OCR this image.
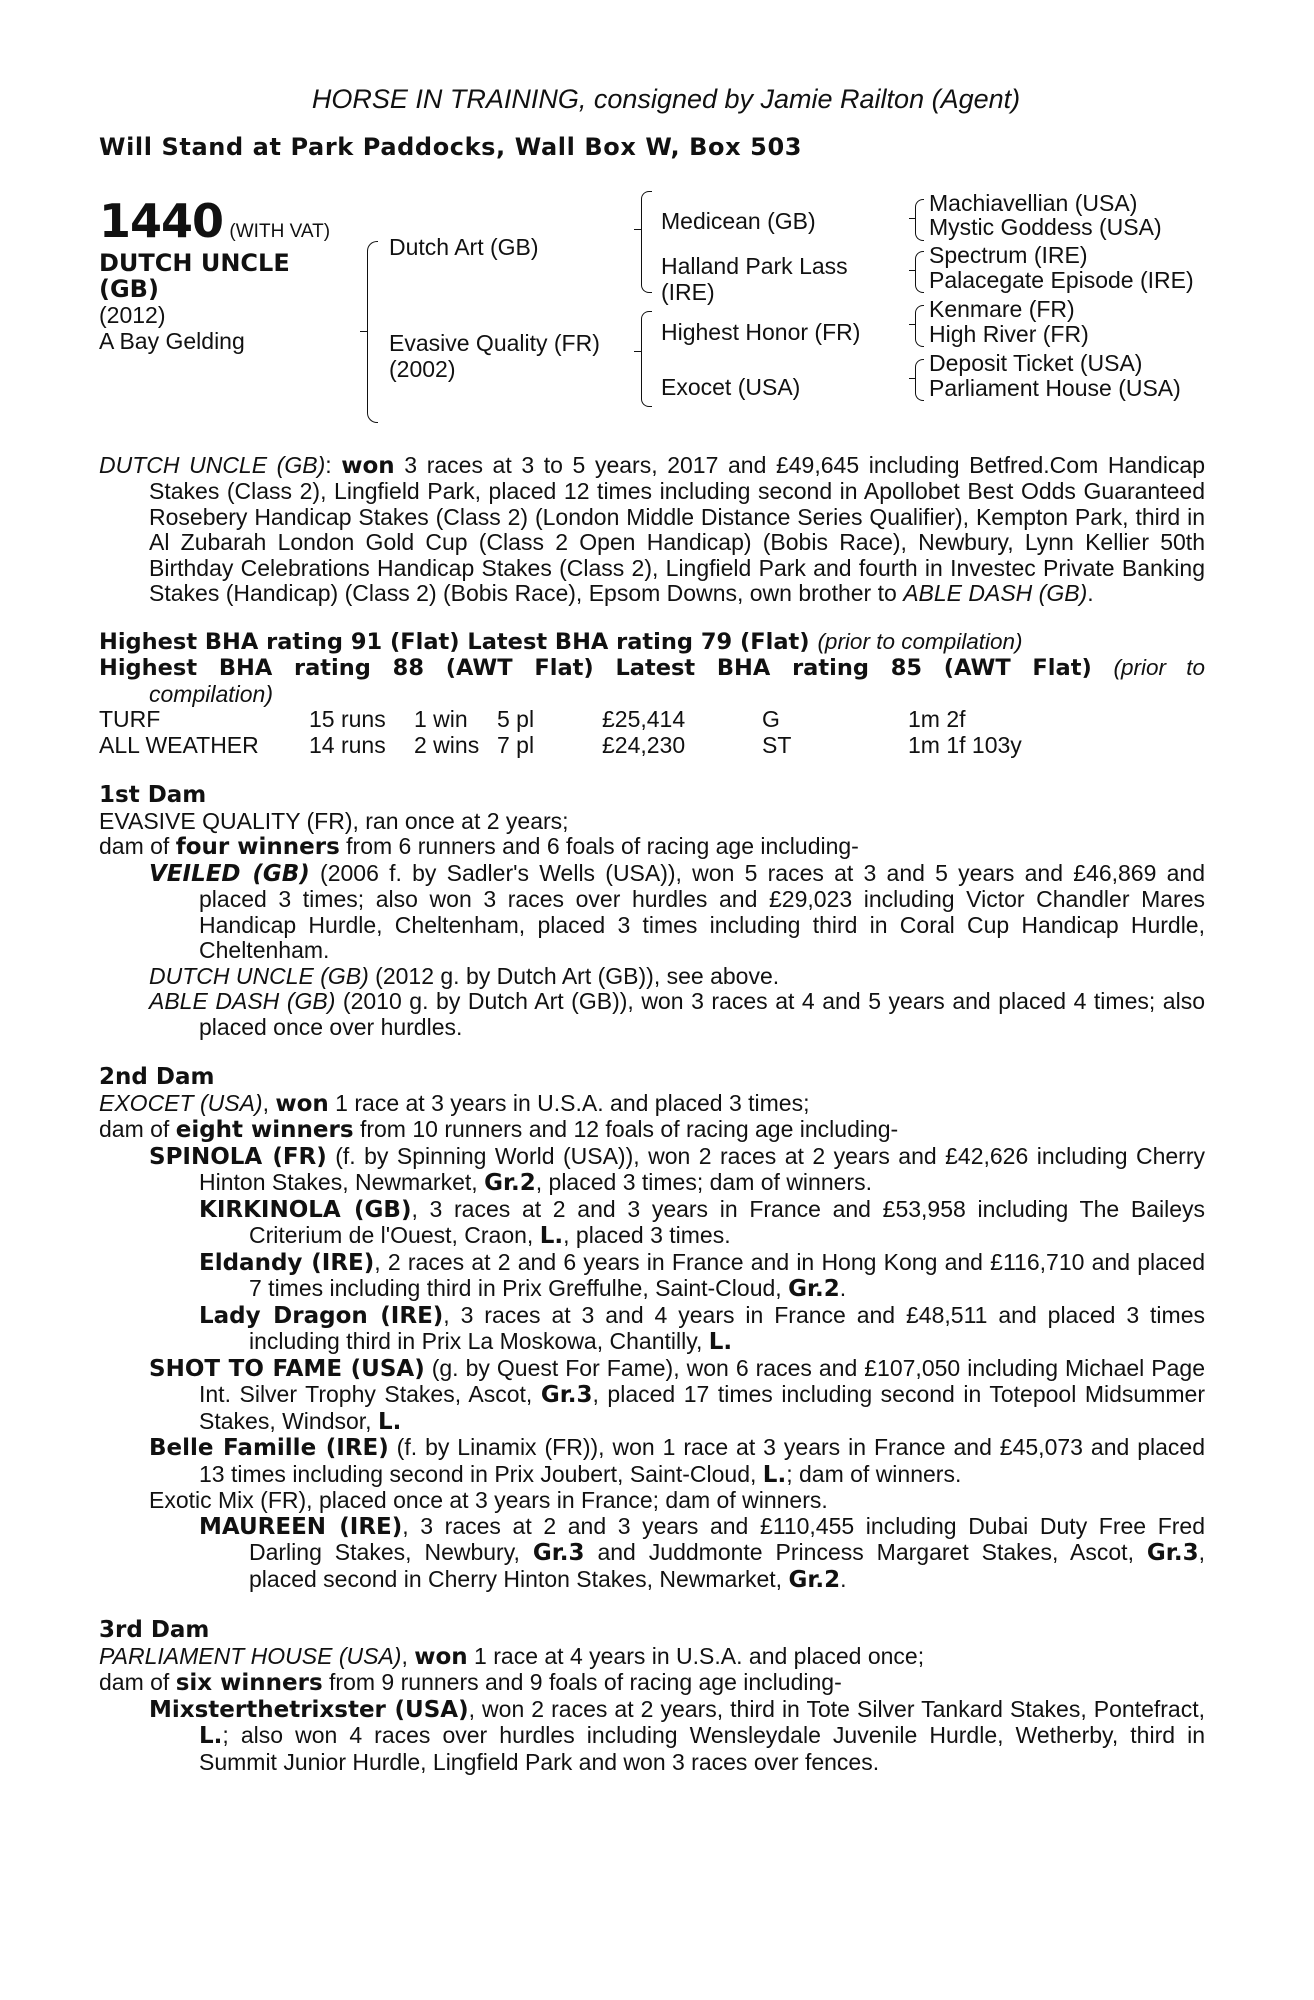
HORSE IN TRAINING, consigned by Jamie Railton (Agent)
Will Stand at Park Paddocks, Wall Box W, Box 503
1440 (WITH VAT)
DUTCH UNCLE
(GB)
(2012)
A Bay Gelding
Dutch Art (GB)
Evasive Quality (FR)
(2002)
Medicean (GB)
Halland Park Lass
(IRE)
Highest Honor (FR)
Exocet (USA)
Machiavellian (USA)
Mystic Goddess (USA)
Spectrum (IRE)
Palacegate Episode (IRE)
Kenmare (FR)
High River (FR)
Deposit Ticket (USA)
Parliament House (USA)
DUTCH UNCLE (GB): won 3 races at 3 to 5 years, 2017 and £49,645 including Betfred.Com Handicap Stakes (Class 2), Lingfield Park, placed 12 times including second in Apollobet Best Odds Guaranteed Rosebery Handicap Stakes (Class 2) (London Middle Distance Series Qualifier), Kempton Park, third in Al Zubarah London Gold Cup (Class 2 Open Handicap) (Bobis Race), Newbury, Lynn Kellier 50th Birthday Celebrations Handicap Stakes (Class 2), Lingfield Park and fourth in Investec Private Banking Stakes (Handicap) (Class 2) (Bobis Race), Epsom Downs, own brother to ABLE DASH (GB).
Highest BHA rating 91 (Flat) Latest BHA rating 79 (Flat) (prior to compilation)
Highest BHA rating 88 (AWT Flat) Latest BHA rating 85 (AWT Flat) (prior to
compilation)
TURF	15 runs	1 win	5 pl	£25,414	G	1m 2f
ALL WEATHER	14 runs	2 wins	7 pl	£24,230	ST	1m 1f 103y
1st Dam
EVASIVE QUALITY (FR), ran once at 2 years;
dam of four winners from 6 runners and 6 foals of racing age including-
VEILED (GB) (2006 f. by Sadler's Wells (USA)), won 5 races at 3 and 5 years and £46,869 and placed 3 times; also won 3 races over hurdles and £29,023 including Victor Chandler Mares Handicap Hurdle, Cheltenham, placed 3 times including third in Coral Cup Handicap Hurdle, Cheltenham.
DUTCH UNCLE (GB) (2012 g. by Dutch Art (GB)), see above.
ABLE DASH (GB) (2010 g. by Dutch Art (GB)), won 3 races at 4 and 5 years and placed 4 times; also placed once over hurdles.
2nd Dam
EXOCET (USA), won 1 race at 3 years in U.S.A. and placed 3 times;
dam of eight winners from 10 runners and 12 foals of racing age including-
SPINOLA (FR) (f. by Spinning World (USA)), won 2 races at 2 years and £42,626 including Cherry Hinton Stakes, Newmarket, Gr.2, placed 3 times; dam of winners.
KIRKINOLA (GB), 3 races at 2 and 3 years in France and £53,958 including The Baileys Criterium de l'Ouest, Craon, L., placed 3 times.
Eldandy (IRE), 2 races at 2 and 6 years in France and in Hong Kong and £116,710 and placed 7 times including third in Prix Greffulhe, Saint-Cloud, Gr.2.
Lady Dragon (IRE), 3 races at 3 and 4 years in France and £48,511 and placed 3 times including third in Prix La Moskowa, Chantilly, L.
SHOT TO FAME (USA) (g. by Quest For Fame), won 6 races and £107,050 including Michael Page Int. Silver Trophy Stakes, Ascot, Gr.3, placed 17 times including second in Totepool Midsummer Stakes, Windsor, L.
Belle Famille (IRE) (f. by Linamix (FR)), won 1 race at 3 years in France and £45,073 and placed 13 times including second in Prix Joubert, Saint-Cloud, L.; dam of winners.
Exotic Mix (FR), placed once at 3 years in France; dam of winners.
MAUREEN (IRE), 3 races at 2 and 3 years and £110,455 including Dubai Duty Free Fred Darling Stakes, Newbury, Gr.3 and Juddmonte Princess Margaret Stakes, Ascot, Gr.3, placed second in Cherry Hinton Stakes, Newmarket, Gr.2.
3rd Dam
PARLIAMENT HOUSE (USA), won 1 race at 4 years in U.S.A. and placed once;
dam of six winners from 9 runners and 9 foals of racing age including-
Mixsterthetrixster (USA), won 2 races at 2 years, third in Tote Silver Tankard Stakes, Pontefract, L.; also won 4 races over hurdles including Wensleydale Juvenile Hurdle, Wetherby, third in Summit Junior Hurdle, Lingfield Park and won 3 races over fences.
